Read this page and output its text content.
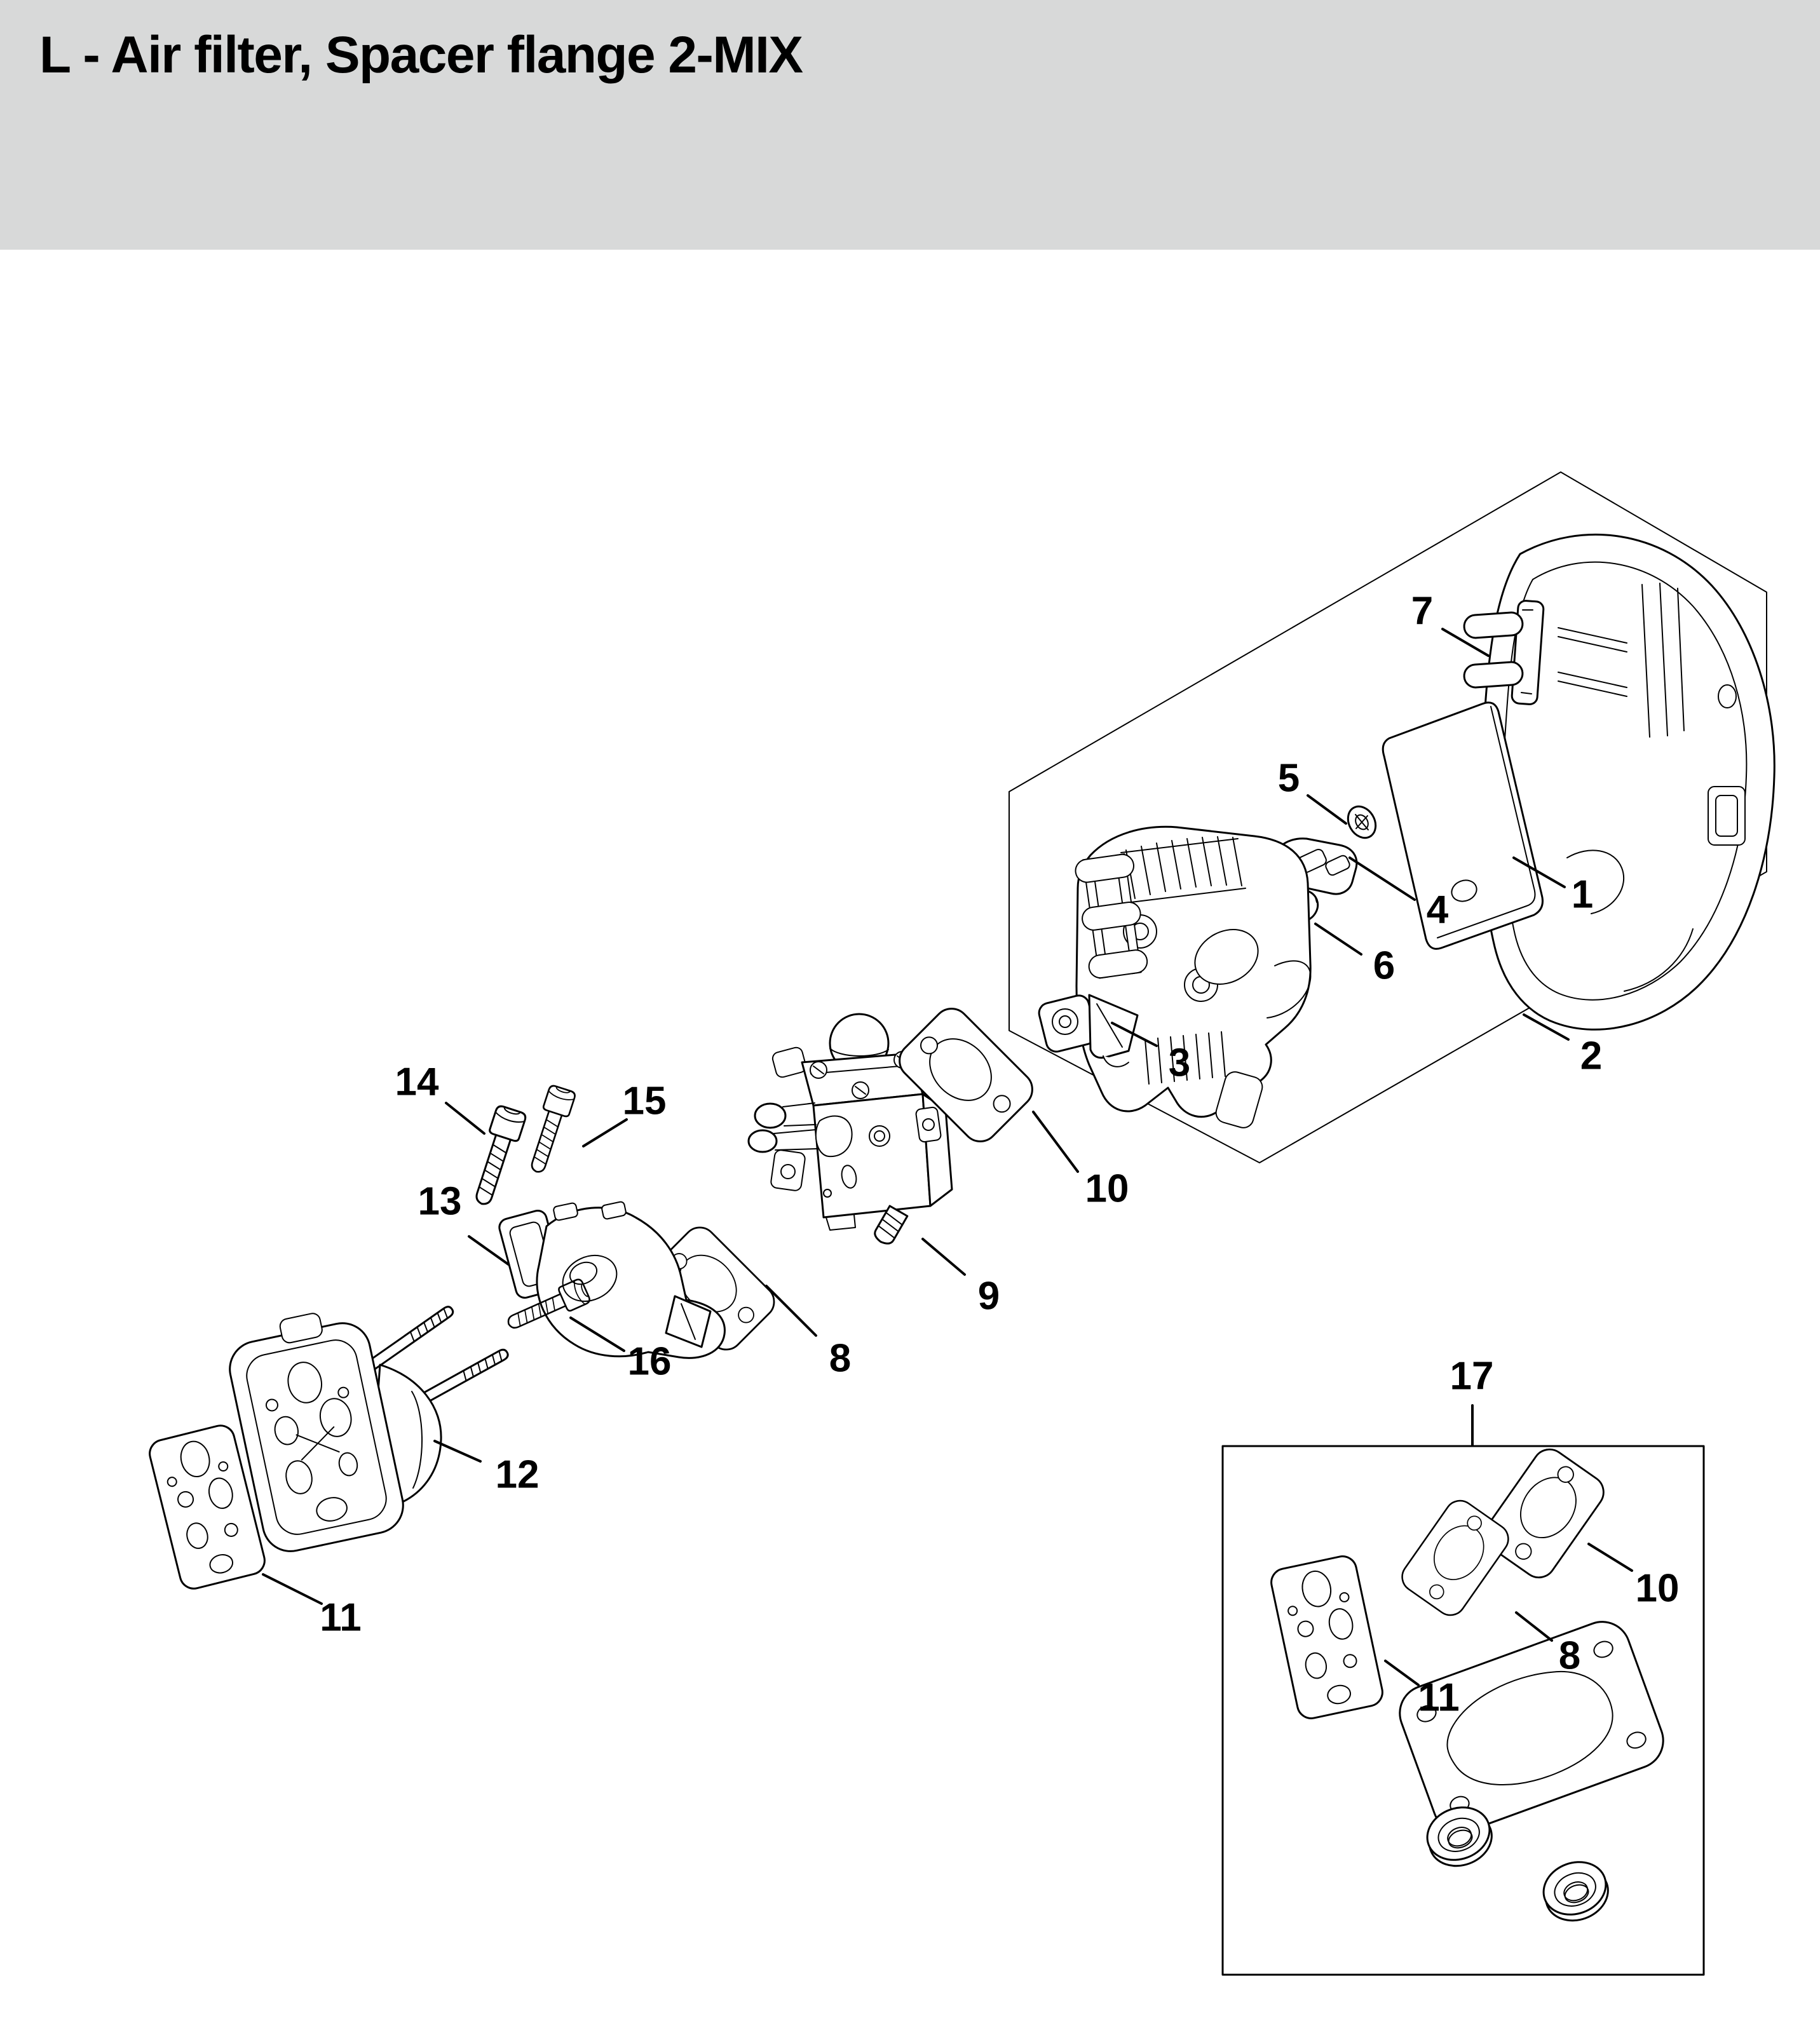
L - Air filter, Spacer flange 2-MIX
7
1
2
5
4
6
3
10
9
8
14	15
13
16
12
11
17
10
8
11
